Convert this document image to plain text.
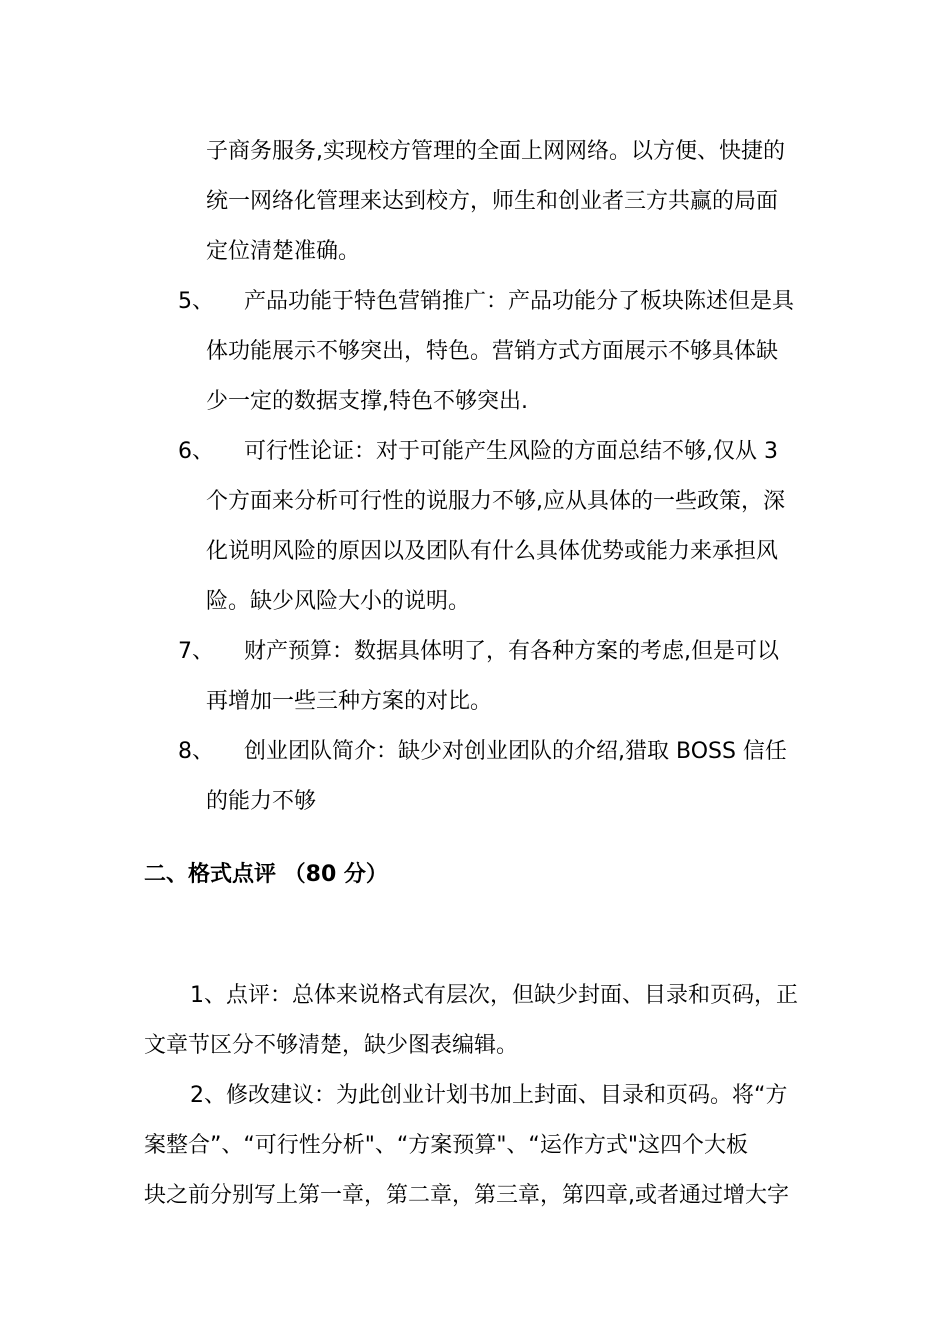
子商务服务,实现校方管理的全面上网网络。以方便、快捷的
统一网络化管理来达到校方，师生和创业者三方共赢的局面
定位清楚准确。
5、 产品功能于特色营销推广：产品功能分了板块陈述但是具
体功能展示不够突出，特色。营销方式方面展示不够具体缺
少一定的数据支撑,特色不够突出.
6、 可行性论证：对于可能产生风险的方面总结不够,仅从 3
个方面来分析可行性的说服力不够,应从具体的一些政策，深
化说明风险的原因以及团队有什么具体优势或能力来承担风
险。缺少风险大小的说明。
7、 财产预算：数据具体明了，有各种方案的考虑,但是可以
再增加一些三种方案的对比。
8、 创业团队简介：缺少对创业团队的介绍,猎取 BOSS 信任
的能力不够
二、格式点评 （80 分）
1、点评：总体来说格式有层次，但缺少封面、目录和页码，正
文章节区分不够清楚，缺少图表编辑。
2、修改建议：为此创业计划书加上封面、目录和页码。将“方
案整合”、“可行性分析"、“方案预算"、“运作方式"这四个大板
块之前分别写上第一章，第二章，第三章，第四章,或者通过增大字
